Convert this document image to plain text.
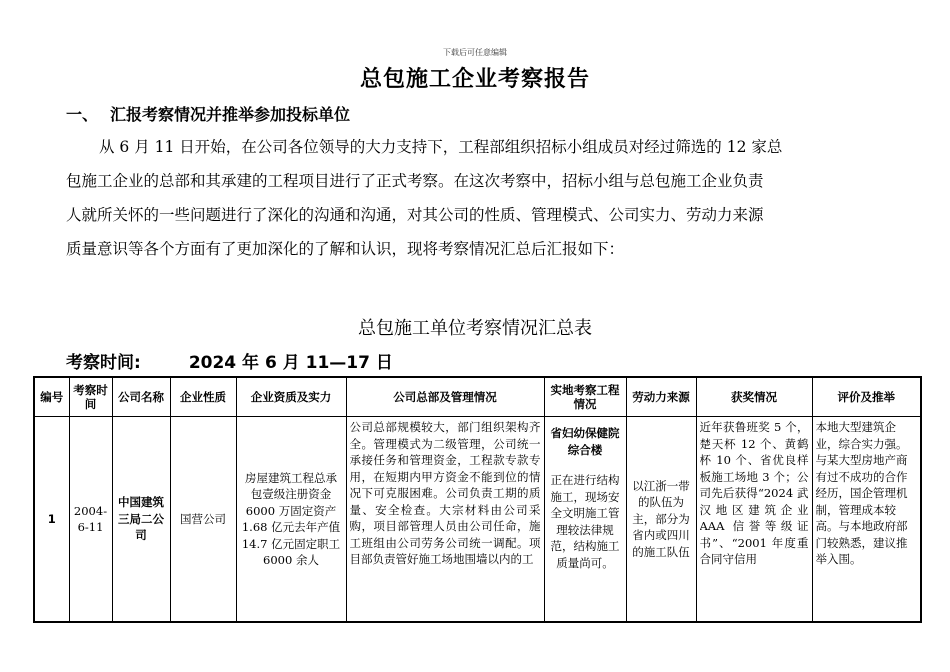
下载后可任意编辑
总包施工企业考察报告
一、 汇报考察情况并推举参加投标单位
从 6 月 11 日开始，在公司各位领导的大力支持下，工程部组织招标小组成员对经过筛选的 12 家总
包施工企业的总部和其承建的工程项目进行了正式考察。在这次考察中，招标小组与总包施工企业负责
人就所关怀的一些问题进行了深化的沟通和沟通，对其公司的性质、管理模式、公司实力、劳动力来源
质量意识等各个方面有了更加深化的了解和认识，现将考察情况汇总后汇报如下：
总包施工单位考察情况汇总表
考察时间:	2024 年 6 月 11—17 日
编号	考察时间	公司名称	企业性质	企业资质及实力	公司总部及管理情况	实地考察工程情况	劳动力来源	获奖情况	评价及推举
1	2004-6-11	中国建筑三局二公司	国营公司	房屋建筑工程总承包壹级注册资金 6000 万固定资产 1.68 亿元去年产值 14.7 亿元固定职工 6000 余人	公司总部规模较大，部门组织架构齐全。管理模式为二级管理，公司统一承接任务和管理资金，工程款专款专用，在短期内甲方资金不能到位的情况下可克服困难。公司负责工期的质量、安全检查。大宗材料由公司采购，项目部管理人员由公司任命，施工班组由公司劳务公司统一调配。项目部负责管好施工场地围墙以内的工	省妇幼保健院综合楼
正在进行结构施工，现场安全文明施工管理较法律规范，结构施工质量尚可。	以江浙一带的队伍为主，部分为省内或四川的施工队伍	近年获鲁班奖 5 个，楚天杯 12 个、黄鹤杯 10 个、省优良样板施工场地 3 个；公司先后获得“2024 武汉地区建筑企业 AAA 信誉等级证书”、“2001 年度重合同守信用	本地大型建筑企业，综合实力强。与某大型房地产商有过不成功的合作经历，国企管理机制，管理成本较高。与本地政府部门较熟悉，建议推举入围。
